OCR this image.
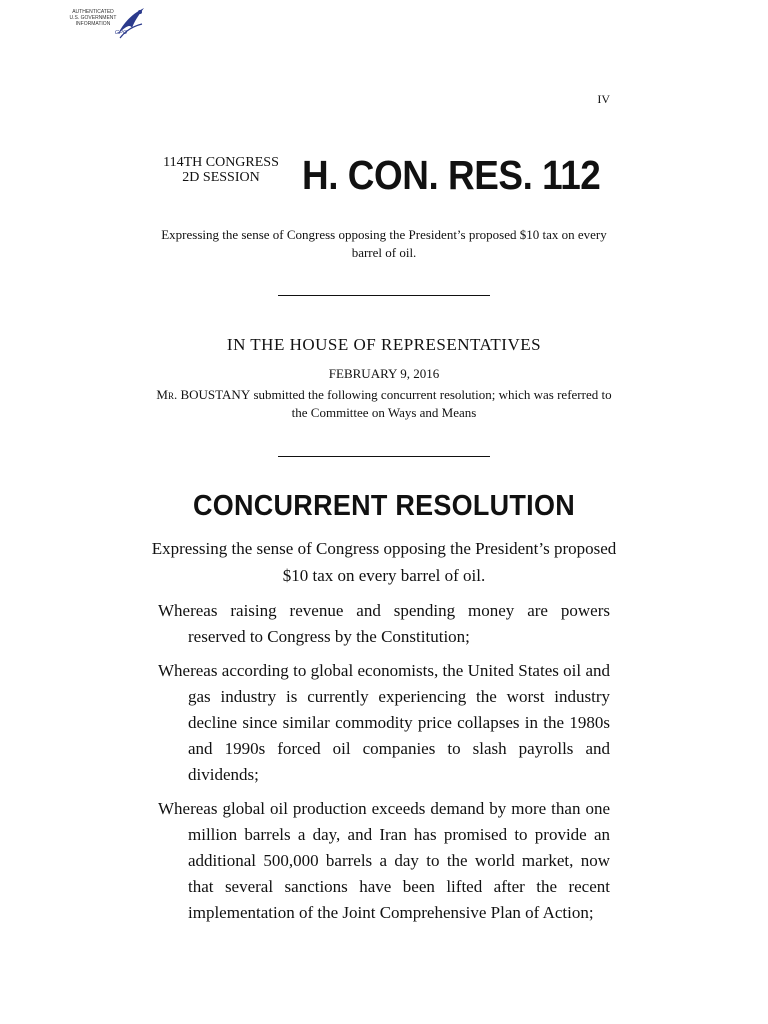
AUTHENTICATED
U.S. GOVERNMENT
INFORMATION
GPO
IV
114TH CONGRESS
2D SESSION	H. CON. RES. 112
Expressing the sense of Congress opposing the President’s proposed $10 tax on every barrel of oil.
IN THE HOUSE OF REPRESENTATIVES
FEBRUARY 9, 2016
Mr. BOUSTANY submitted the following concurrent resolution; which was referred to the Committee on Ways and Means
CONCURRENT RESOLUTION
Expressing the sense of Congress opposing the President’s proposed $10 tax on every barrel of oil.

Whereas raising revenue and spending money are powers reserved to Congress by the Constitution;

Whereas according to global economists, the United States oil and gas industry is currently experiencing the worst industry decline since similar commodity price collapses in the 1980s and 1990s forced oil companies to slash payrolls and dividends;

Whereas global oil production exceeds demand by more than one million barrels a day, and Iran has promised to provide an additional 500,000 barrels a day to the world market, now that several sanctions have been lifted after the recent implementation of the Joint Comprehensive Plan of Action;
